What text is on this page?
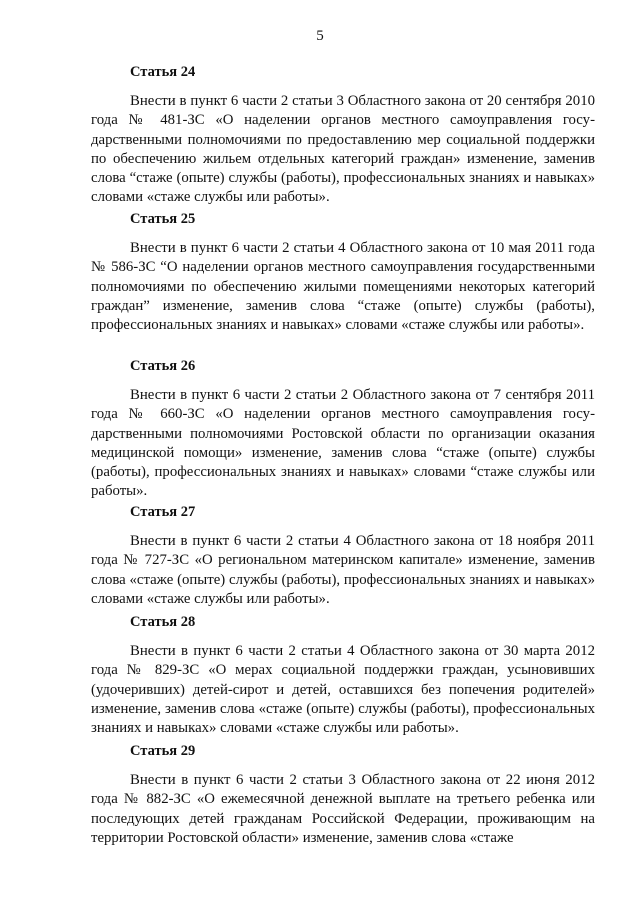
5

Статья 24

Внести в пункт 6 части 2 статьи 3 Областного закона от 20 сентября 2010 года № 481-ЗС «О наделении органов местного самоуправления государственными полномочиями по предоставлению мер социальной поддержки по обеспечению жильем отдельных категорий граждан» изменение, заменив слова “стаже (опыте) службы (работы), профессиональных знаниях и навыках» словами «стаже службы или работы».

Статья 25

Внести в пункт 6 части 2 статьи 4 Областного закона от 10 мая 2011 года № 586-ЗС “О наделении органов местного самоуправления государственными полномочиями по обеспечению жилыми помещениями некоторых категорий граждан” изменение, заменив слова “стаже (опыте) службы (работы), профессиональных знаниях и навыках» словами «стаже службы или работы».

Статья 26

Внести в пункт 6 части 2 статьи 2 Областного закона от 7 сентября 2011 года № 660-ЗС «О наделении органов местного самоуправления государственными полномочиями Ростовской области по организации оказания медицинской помощи» изменение, заменив слова “стаже (опыте) службы (работы), профессиональных знаниях и навыках» словами “стаже службы или работы».

Статья 27

Внести в пункт 6 части 2 статьи 4 Областного закона от 18 ноября 2011 года № 727-ЗС «О региональном материнском капитале» изменение, заменив слова «стаже (опыте) службы (работы), профессиональных знаниях и навыках» словами «стаже службы или работы».

Статья 28

Внести в пункт 6 части 2 статьи 4 Областного закона от 30 марта 2012 года № 829-ЗС «О мерах социальной поддержки граждан, усыновивших (удочеривших) детей-сирот и детей, оставшихся без попечения родителей» изменение, заменив слова «стаже (опыте) службы (работы), профессиональных знаниях и навыках» словами «стаже службы или работы».

Статья 29

Внести в пункт 6 части 2 статьи 3 Областного закона от 22 июня 2012 года № 882-ЗС «О ежемесячной денежной выплате на третьего ребенка или последующих детей гражданам Российской Федерации, проживающим на территории Ростовской области» изменение, заменив слова «стаже
